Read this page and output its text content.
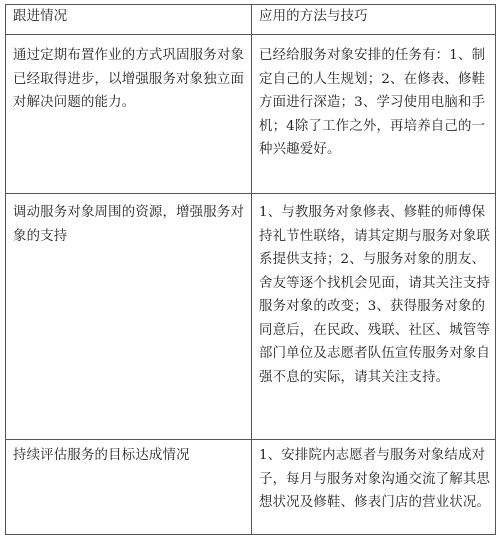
跟进情况	应用的方法与技巧
通过定期布置作业的方式巩固服务对象已经取得进步，以增强服务对象独立面对解决问题的能力。	已经给服务对象安排的任务有：1、制定自己的人生规划；2、在修表、修鞋方面进行深造；3、学习使用电脑和手机；4除了工作之外，再培养自己的一种兴趣爱好。
调动服务对象周围的资源，增强服务对象的支持	1、与教服务对象修表、修鞋的师傅保持礼节性联络，请其定期与服务对象联系提供支持；2、与服务对象的朋友、舍友等逐个找机会见面，请其关注支持服务对象的改变；3、获得服务对象的同意后，在民政、残联、社区、城管等部门单位及志愿者队伍宣传服务对象自强不息的实际，请其关注支持。
持续评估服务的目标达成情况	1、安排院内志愿者与服务对象结成对子，每月与服务对象沟通交流了解其思想状况及修鞋、修表门店的营业状况。
